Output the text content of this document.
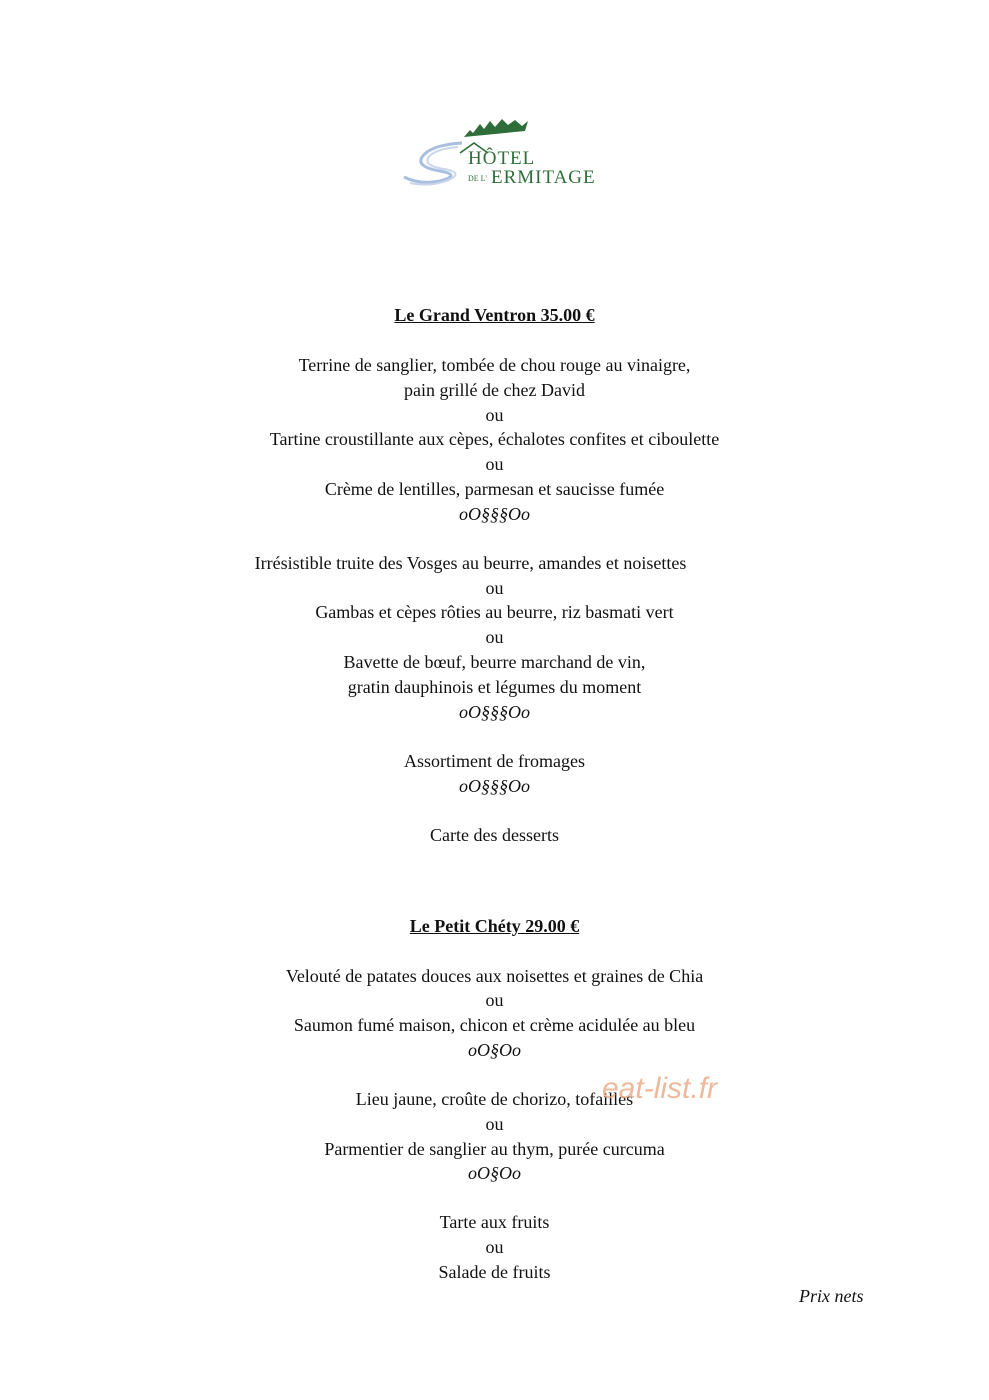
HÔTEL
DE L' ERMITAGE
Le Grand Ventron 35.00 €
Terrine de sanglier, tombée de chou rouge au vinaigre,
pain grillé de chez David
ou
Tartine croustillante aux cèpes, échalotes confites et ciboulette
ou
Crème de lentilles, parmesan et saucisse fumée
oO§§§Oo
Irrésistible truite des Vosges au beurre, amandes et noisettes
ou
Gambas et cèpes rôties au beurre, riz basmati vert
ou
Bavette de bœuf, beurre marchand de vin,
gratin dauphinois et légumes du moment
oO§§§Oo
Assortiment de fromages
oO§§§Oo
Carte des desserts
Le Petit Chéty 29.00 €
Velouté de patates douces aux noisettes et graines de Chia
ou
Saumon fumé maison, chicon et crème acidulée au bleu
oO§Oo
Lieu jaune, croûte de chorizo, tofailles
ou
Parmentier de sanglier au thym, purée curcuma
oO§Oo
Tarte aux fruits
ou
Salade de fruits
Prix nets
eat-list.fr
